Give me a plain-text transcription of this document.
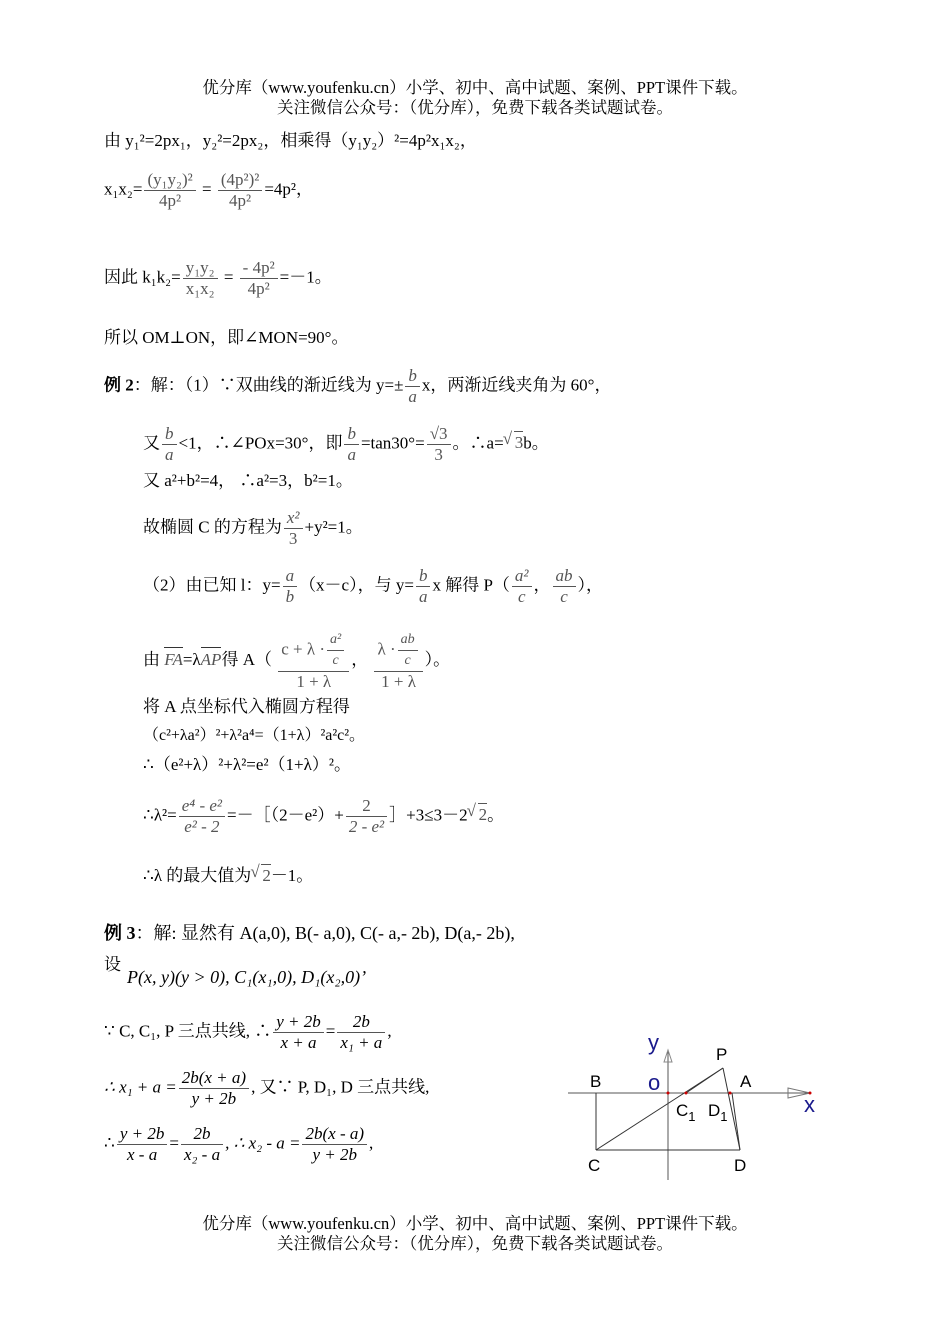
优分库（www.youfenku.cn）小学、初中、高中试题、案例、PPT课件下载。
关注微信公众号：（优分库），免费下载各类试题试卷。
由 y₁²=2px₁，y₂²=2px₂，相乘得（y₁y₂）²=4p²x₁x₂，
$x_1x_2= \frac{\text{(y₁y₂)²}}{\text{4p²}} = \frac{\text{(4p²)²}}{\text{4p²}} =4p^2$，
因此 $k_1k_2= \frac{\text{y₁y₂}}{\text{x₁x₂}} = \frac{\text{- 4p²}}{\text{4p²}} =-1$。
所以 OM⊥ON，即∠MON=90°。
例 2：解：（1）∵双曲线的渐近线为 $y=\pm \frac{b}{a}$ x，两渐近线夹角为 60°，
又 $\frac{b}{a} <1$，∴∠POx=30°，即 $\frac{b}{a} =\tan 30^\circ= \frac{√3}{3}$ 。∴a= √ 3b。
又 a²+b²=4， ∴a²=3，b²=1。
故椭圆 C 的方程为 $\frac{\text{x²}}{3} +y^2=1$。
（2）由已知 l：$y= \frac{a}{b} (x-c)$，与 $y= \frac{b}{a}$ x 解得 $P( \frac{\text{a²}}{c}$ ， $\frac{ab}{c}$ ），
由 FA=λAP得 $A( \frac{c + \lambda \cdot \frac{\text{a²}}{c}}{1 + \lambda}$ ， $\frac{\lambda \cdot \frac{ab}{c}}{1 + \lambda}$ ）。
将 A 点坐标代入椭圆方程得
（c²+λa²）²+λ²a⁴=（1+λ）²a²c²。
∴（e²+λ）²+λ²=e²（1+λ）²。
∴λ²= $\frac{\text{e⁴ - e²}}{\text{e² - 2}}$ =－［（2－e²）+ $\frac{2}{\text{2 - e²}}$ ］+3≤3－2 √ 2。
∴λ 的最大值为 √ 2－1。
例 3：解: 显然有 A(a,0), B(- a,0), C(- a,- 2b), D(a,- 2b),
设
P(x, y)(y > 0), C₁(x₁,0), D₁(x₂,0)’
∵ C, C₁, P 三点共线, ∴ $\frac{y + 2b}{x + a} = \frac{2b}{\text{x₁ + a}}$ ,
∴ $x_1 + a = \frac{2b(x + a)}{y + 2b}$ , 又∵ P, D₁, D 三点共线,
∴ $\frac{y + 2b}{x - a} = \frac{2b}{\text{x₂ - a}}$ , ∴ $x_2 - a = \frac{2b(x - a)}{y + 2b}$ ,
y
o
x
P
B	A
$C_1$ $D_1$
C	D
优分库（www.youfenku.cn）小学、初中、高中试题、案例、PPT课件下载。
关注微信公众号：（优分库），免费下载各类试题试卷。
